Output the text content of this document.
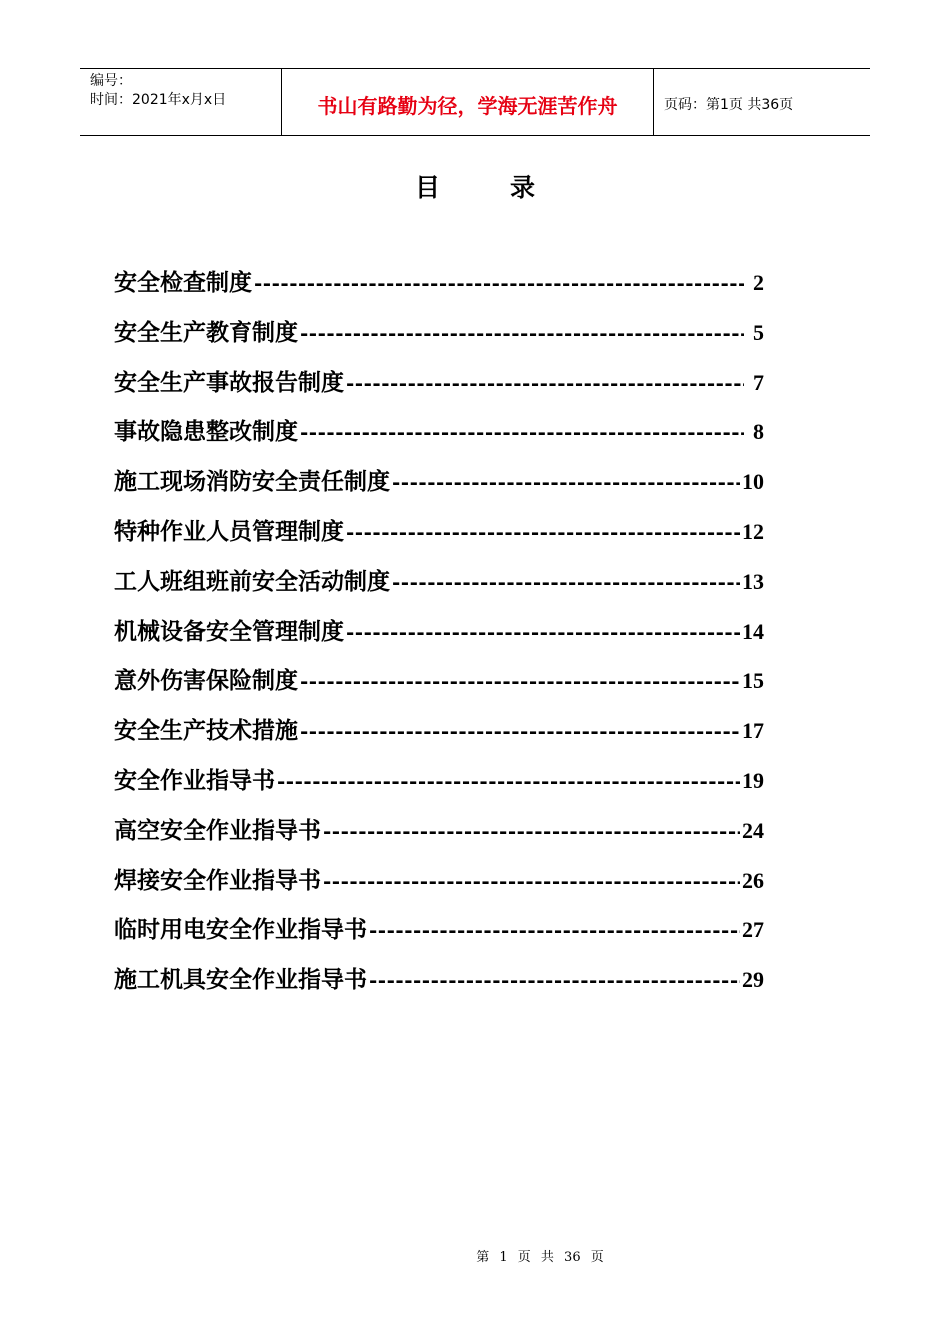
编号：
时间：2021年x月x日	书山有路勤为径，学海无涯苦作舟	页码：第1页 共36页
目录
安全检查制度 -----	2
安全生产教育制度 -----	5
安全生产事故报告制度 -----	7
事故隐患整改制度 -----	8
施工现场消防安全责任制度 -----	10
特种作业人员管理制度 -----	12
工人班组班前安全活动制度 -----	13
机械设备安全管理制度 -----	14
意外伤害保险制度 -----	15
安全生产技术措施 -----	17
安全作业指导书 -----	19
高空安全作业指导书 -----	24
焊接安全作业指导书 -----	26
临时用电安全作业指导书 -----	27
施工机具安全作业指导书 -----	29
第 1 页 共 36 页
